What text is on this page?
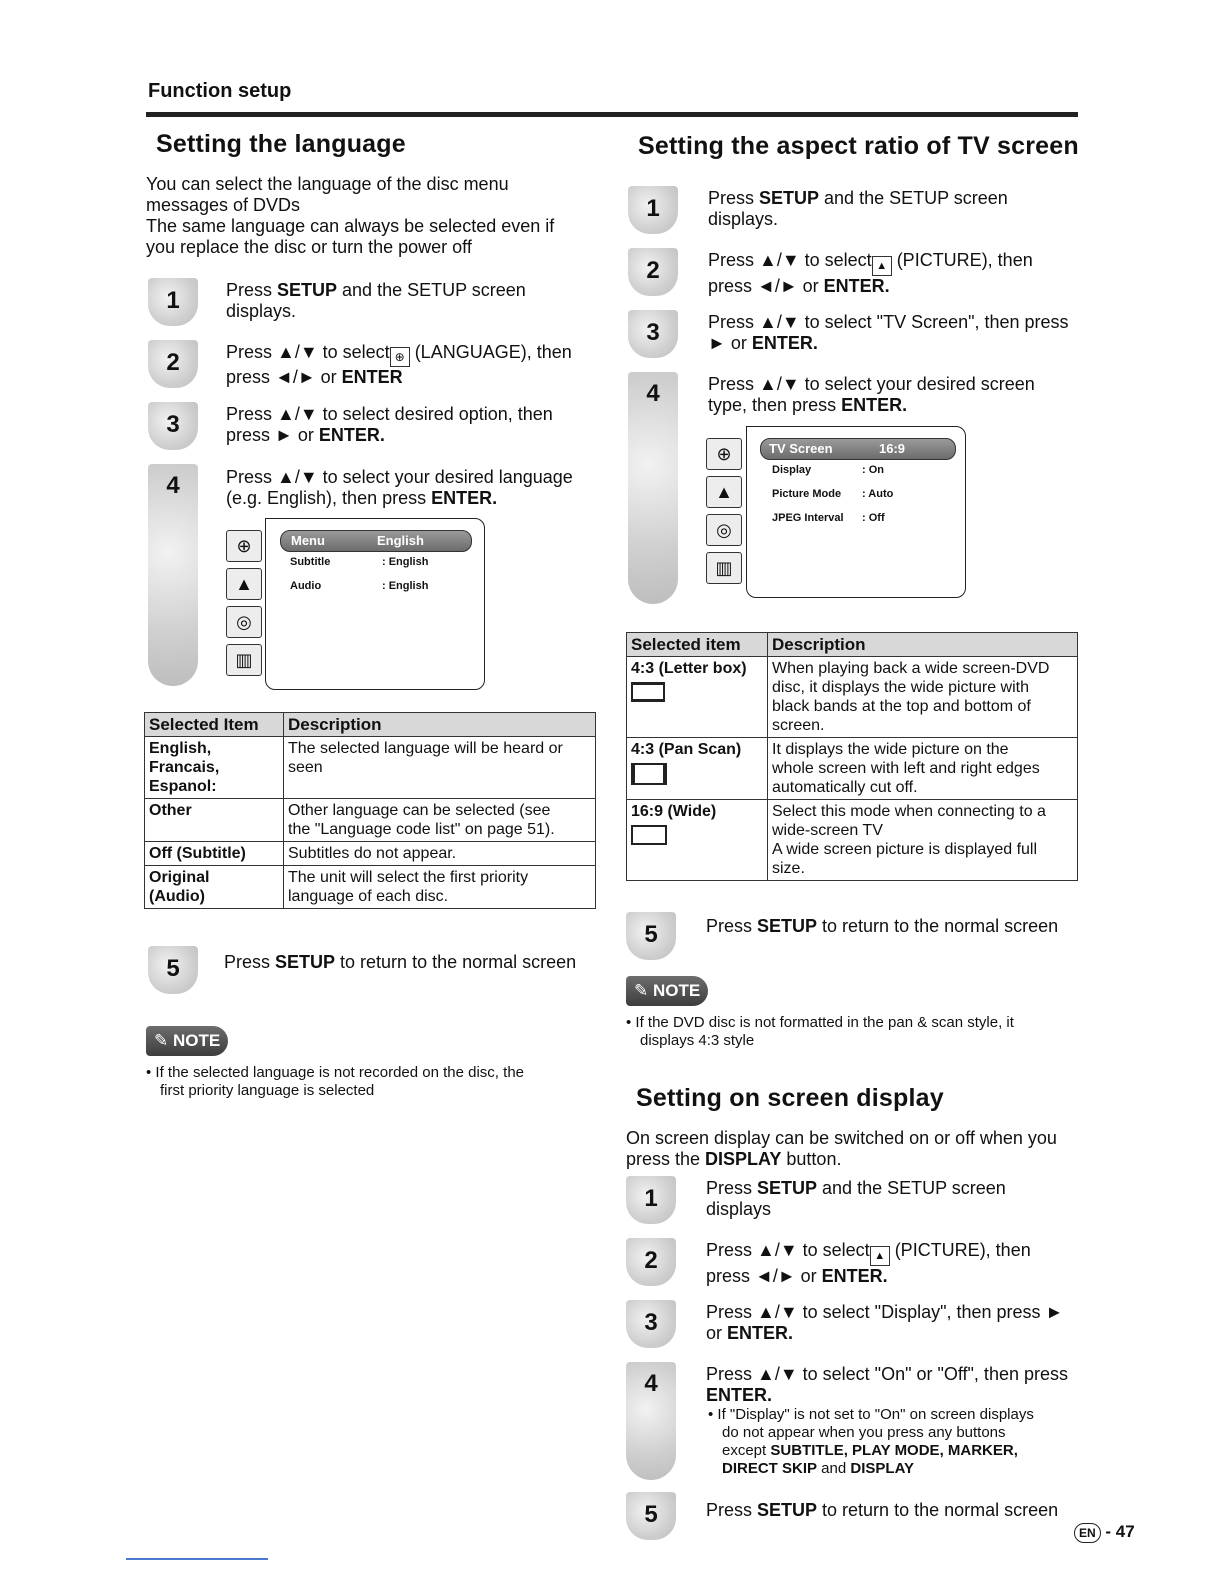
Function setup
Setting the language
You can select the language of the disc menu
messages of DVDs
The same language can always be selected even if
you replace the disc or turn the power off
1
2
3
4
5
Press SETUP and the SETUP screen
displays.
Press ▲/▼ to select ⊕ (LANGUAGE), then
press ◄/► or ENTER
Press ▲/▼ to select desired option, then
press ► or ENTER.
Press ▲/▼ to select your desired language
(e.g. English), then press ENTER.
⊕
▲
◎
▥
Menu	English
Subtitle	: English
Audio	: English
Selected Item	Description
English,
Francais,
Espanol:	The selected language will be heard or
seen
Other	Other language can be selected (see
the "Language code list" on page 51).
Off (Subtitle)	Subtitles do not appear.
Original
(Audio)	The unit will select the first priority
language of each disc.
Press SETUP to return to the normal screen
✎ NOTE
• If the selected language is not recorded on the disc, the
first priority language is selected
Setting the aspect ratio of TV screen
1
2
3
4
5
Press SETUP and the SETUP screen
displays.
Press ▲/▼ to select ▲ (PICTURE), then
press ◄/► or ENTER.
Press ▲/▼ to select "TV Screen", then press
► or ENTER.
Press ▲/▼ to select your desired screen
type, then press ENTER.
⊕
▲
◎
▥
TV Screen	16:9
Display	: On
Picture Mode : Auto
JPEG Interval : Off
Selected item	Description
4:3 (Letter box)	When playing back a wide screen-DVD
disc, it displays the wide picture with
black bands at the top and bottom of
screen.
4:3 (Pan Scan)	It displays the wide picture on the
whole screen with left and right edges
automatically cut off.
16:9 (Wide)	Select this mode when connecting to a
wide-screen TV
A wide screen picture is displayed full
size.
Press SETUP to return to the normal screen
✎ NOTE
• If the DVD disc is not formatted in the pan & scan style, it
displays 4:3 style
Setting on screen display
On screen display can be switched on or off when you
press the DISPLAY button.
1
2
3
4
5
Press SETUP and the SETUP screen
displays
Press ▲/▼ to select ▲ (PICTURE), then
press ◄/► or ENTER.
Press ▲/▼ to select "Display", then press ►
or ENTER.
Press ▲/▼ to select "On" or "Off", then press
ENTER.
• If "Display" is not set to "On" on screen displays
do not appear when you press any buttons
except SUBTITLE, PLAY MODE, MARKER,
DIRECT SKIP and DISPLAY
Press SETUP to return to the normal screen
EN - 47
